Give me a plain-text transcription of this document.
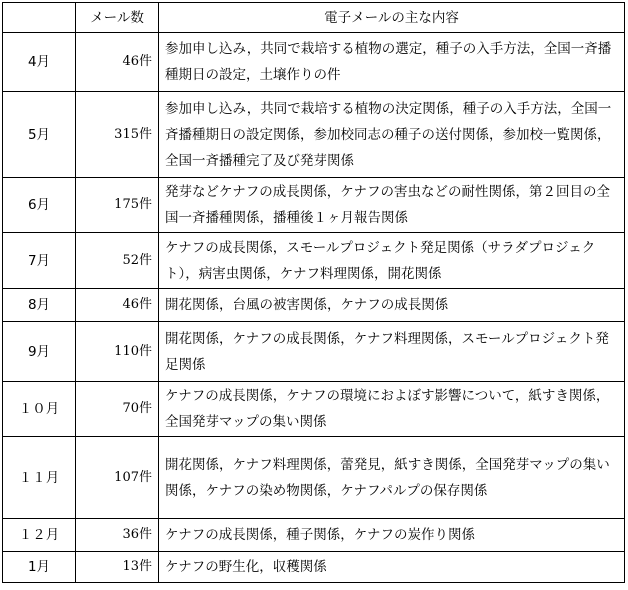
	メール数	電子メールの主な内容
4月	46件	参加申し込み，共同で栽培する植物の選定，種子の入手方法，全国一斉播種期日の設定，土壌作りの件
5月	315件	参加申し込み，共同で栽培する植物の決定関係，種子の入手方法，全国一斉播種期日の設定関係，参加校同志の種子の送付関係，参加校一覧関係，全国一斉播種完了及び発芽関係
6月	175件	発芽などケナフの成長関係，ケナフの害虫などの耐性関係，第２回目の全国一斉播種関係，播種後１ヶ月報告関係
7月	52件	ケナフの成長関係，スモールプロジェクト発足関係（サラダプロジェクト），病害虫関係，ケナフ料理関係，開花関係
8月	46件	開花関係，台風の被害関係，ケナフの成長関係
9月	110件	開花関係，ケナフの成長関係，ケナフ料理関係，スモールプロジェクト発足関係
１０月	70件	ケナフの成長関係，ケナフの環境におよぼす影響について，紙すき関係，全国発芽マップの集い関係
１１月	107件	開花関係，ケナフ料理関係，蕾発見，紙すき関係，全国発芽マップの集い関係，ケナフの染め物関係，ケナフパルプの保存関係
１２月	36件	ケナフの成長関係，種子関係，ケナフの炭作り関係
1月	13件	ケナフの野生化，収穫関係
